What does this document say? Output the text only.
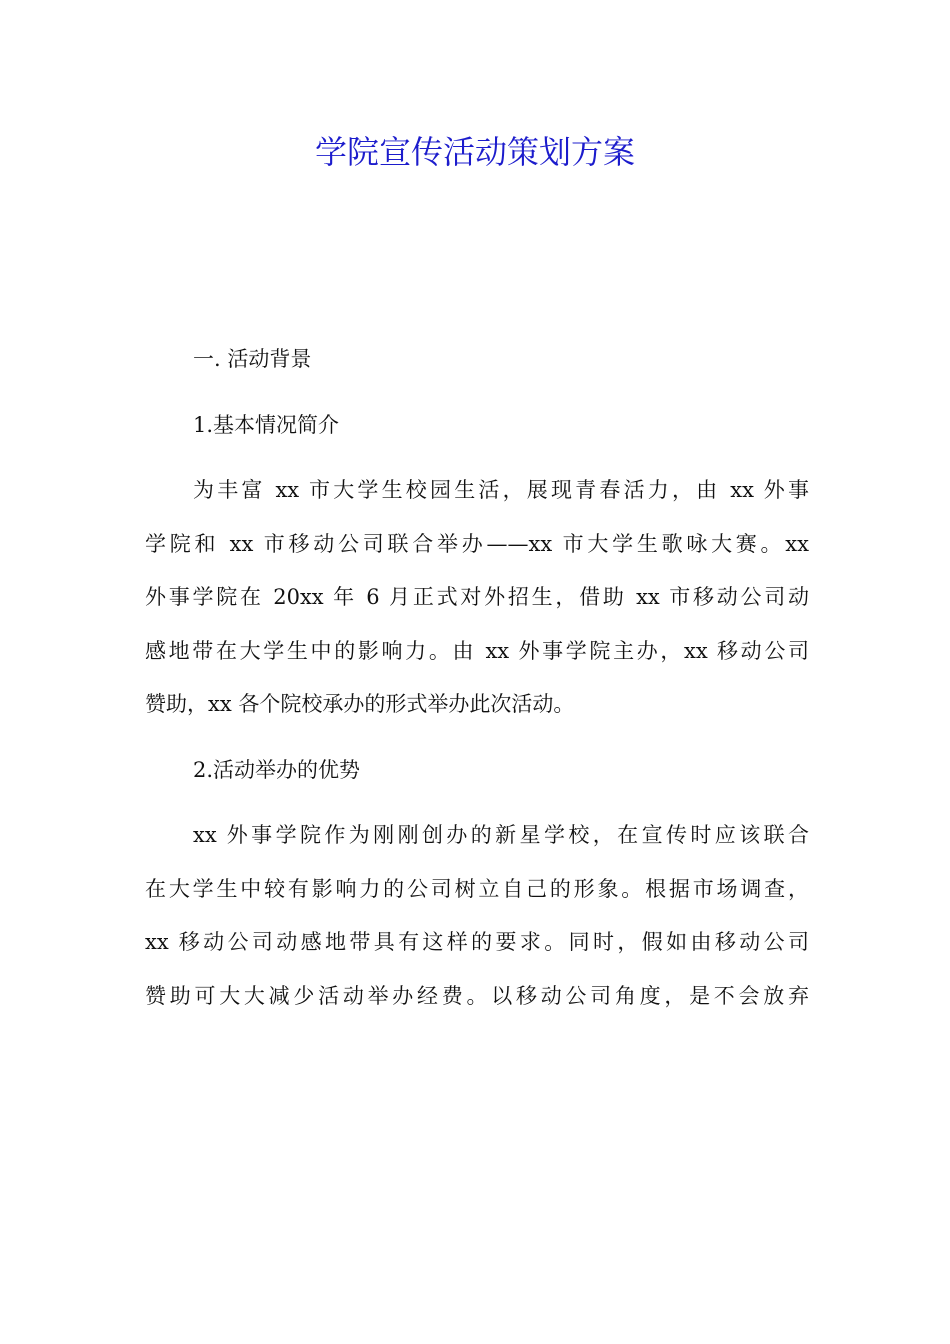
学院宣传活动策划方案
一. 活动背景
1.基本情况简介
为丰富 xx 市大学生校园生活，展现青春活力，由 xx 外事
学院和 xx 市移动公司联合举办——xx 市大学生歌咏大赛。xx
外事学院在 20xx 年 6 月正式对外招生，借助 xx 市移动公司动
感地带在大学生中的影响力。由 xx 外事学院主办，xx 移动公司
赞助，xx 各个院校承办的形式举办此次活动。
2.活动举办的优势
xx 外事学院作为刚刚创办的新星学校，在宣传时应该联合
在大学生中较有影响力的公司树立自己的形象。根据市场调查，
xx 移动公司动感地带具有这样的要求。同时，假如由移动公司
赞助可大大减少活动举办经费。以移动公司角度，是不会放弃
